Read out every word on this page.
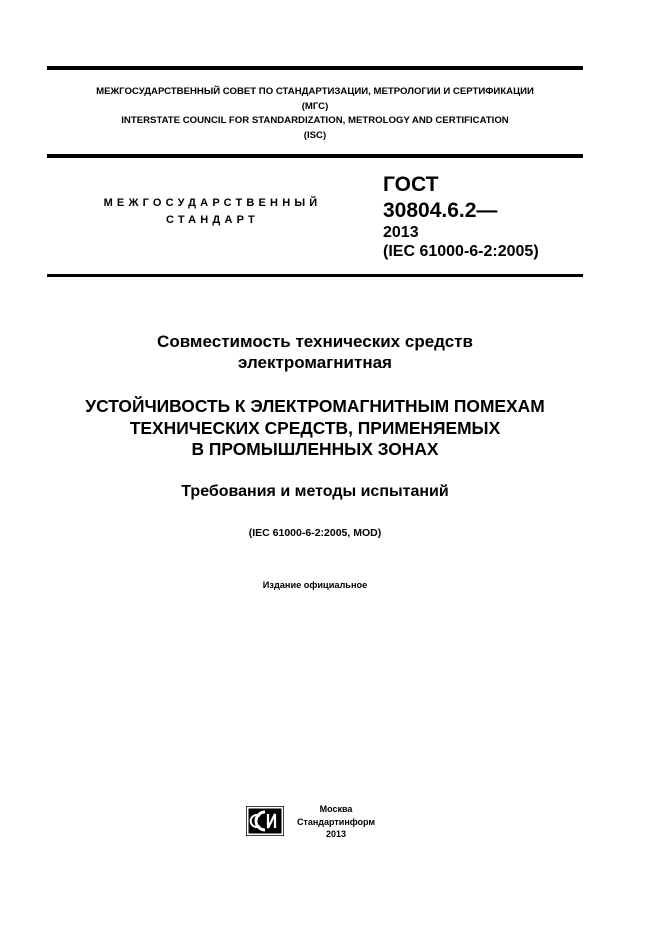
МЕЖГОСУДАРСТВЕННЫЙ СОВЕТ ПО СТАНДАРТИЗАЦИИ, МЕТРОЛОГИИ И СЕРТИФИКАЦИИ
(МГС)
INTERSTATE COUNCIL FOR STANDARDIZATION, METROLOGY AND CERTIFICATION
(ISC)
МЕЖГОСУДАРСТВЕННЫЙ
СТАНДАРТ
ГОСТ
30804.6.2—
2013
(IEC 61000-6-2:2005)
Совместимость технических средств
электромагнитная
УСТОЙЧИВОСТЬ К ЭЛЕКТРОМАГНИТНЫМ ПОМЕХАМ
ТЕХНИЧЕСКИХ СРЕДСТВ, ПРИМЕНЯЕМЫХ
В ПРОМЫШЛЕННЫХ ЗОНАХ
Требования и методы испытаний
(IEC 61000-6-2:2005, MOD)
Издание официальное
Москва
Стандартинформ
2013
